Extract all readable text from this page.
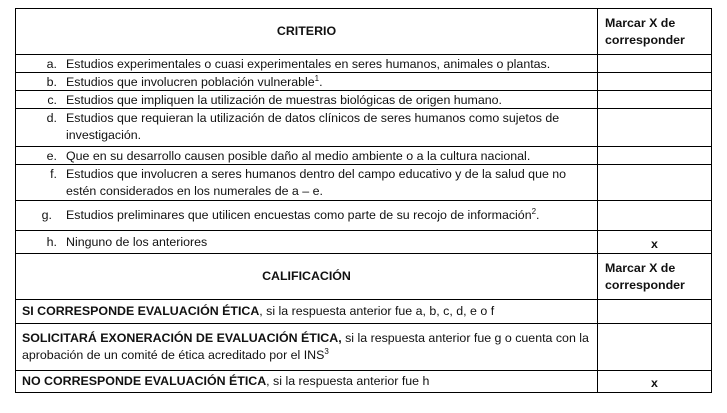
CRITERIO
Marcar X de
corresponder
a. Estudios experimentales o cuasi experimentales en seres humanos, animales o plantas.
b. Estudios que involucren población vulnerable$^1$.
c. Estudios que impliquen la utilización de muestras biológicas de origen humano.
d. Estudios que requieran la utilización de datos clínicos de seres humanos como sujetos de investigación.
e. Que en su desarrollo causen posible daño al medio ambiente o a la cultura nacional.
f. Estudios que involucren a seres humanos dentro del campo educativo y de la salud que no estén considerados en los numerales de a – e.
g.	Estudios preliminares que utilicen encuestas como parte de su recojo de información$^2$.
h. Ninguno de los anteriores	x
CALIFICACIÓN
Marcar X de
corresponder
SI CORRESPONDE EVALUACIÓN ÉTICA, si la respuesta anterior fue a, b, c, d, e o f
SOLICITARÁ EXONERACIÓN DE EVALUACIÓN ÉTICA, si la respuesta anterior fue g o cuenta con la aprobación de un comité de ética acreditado por el INS$^3$
NO CORRESPONDE EVALUACIÓN ÉTICA, si la respuesta anterior fue h	x
